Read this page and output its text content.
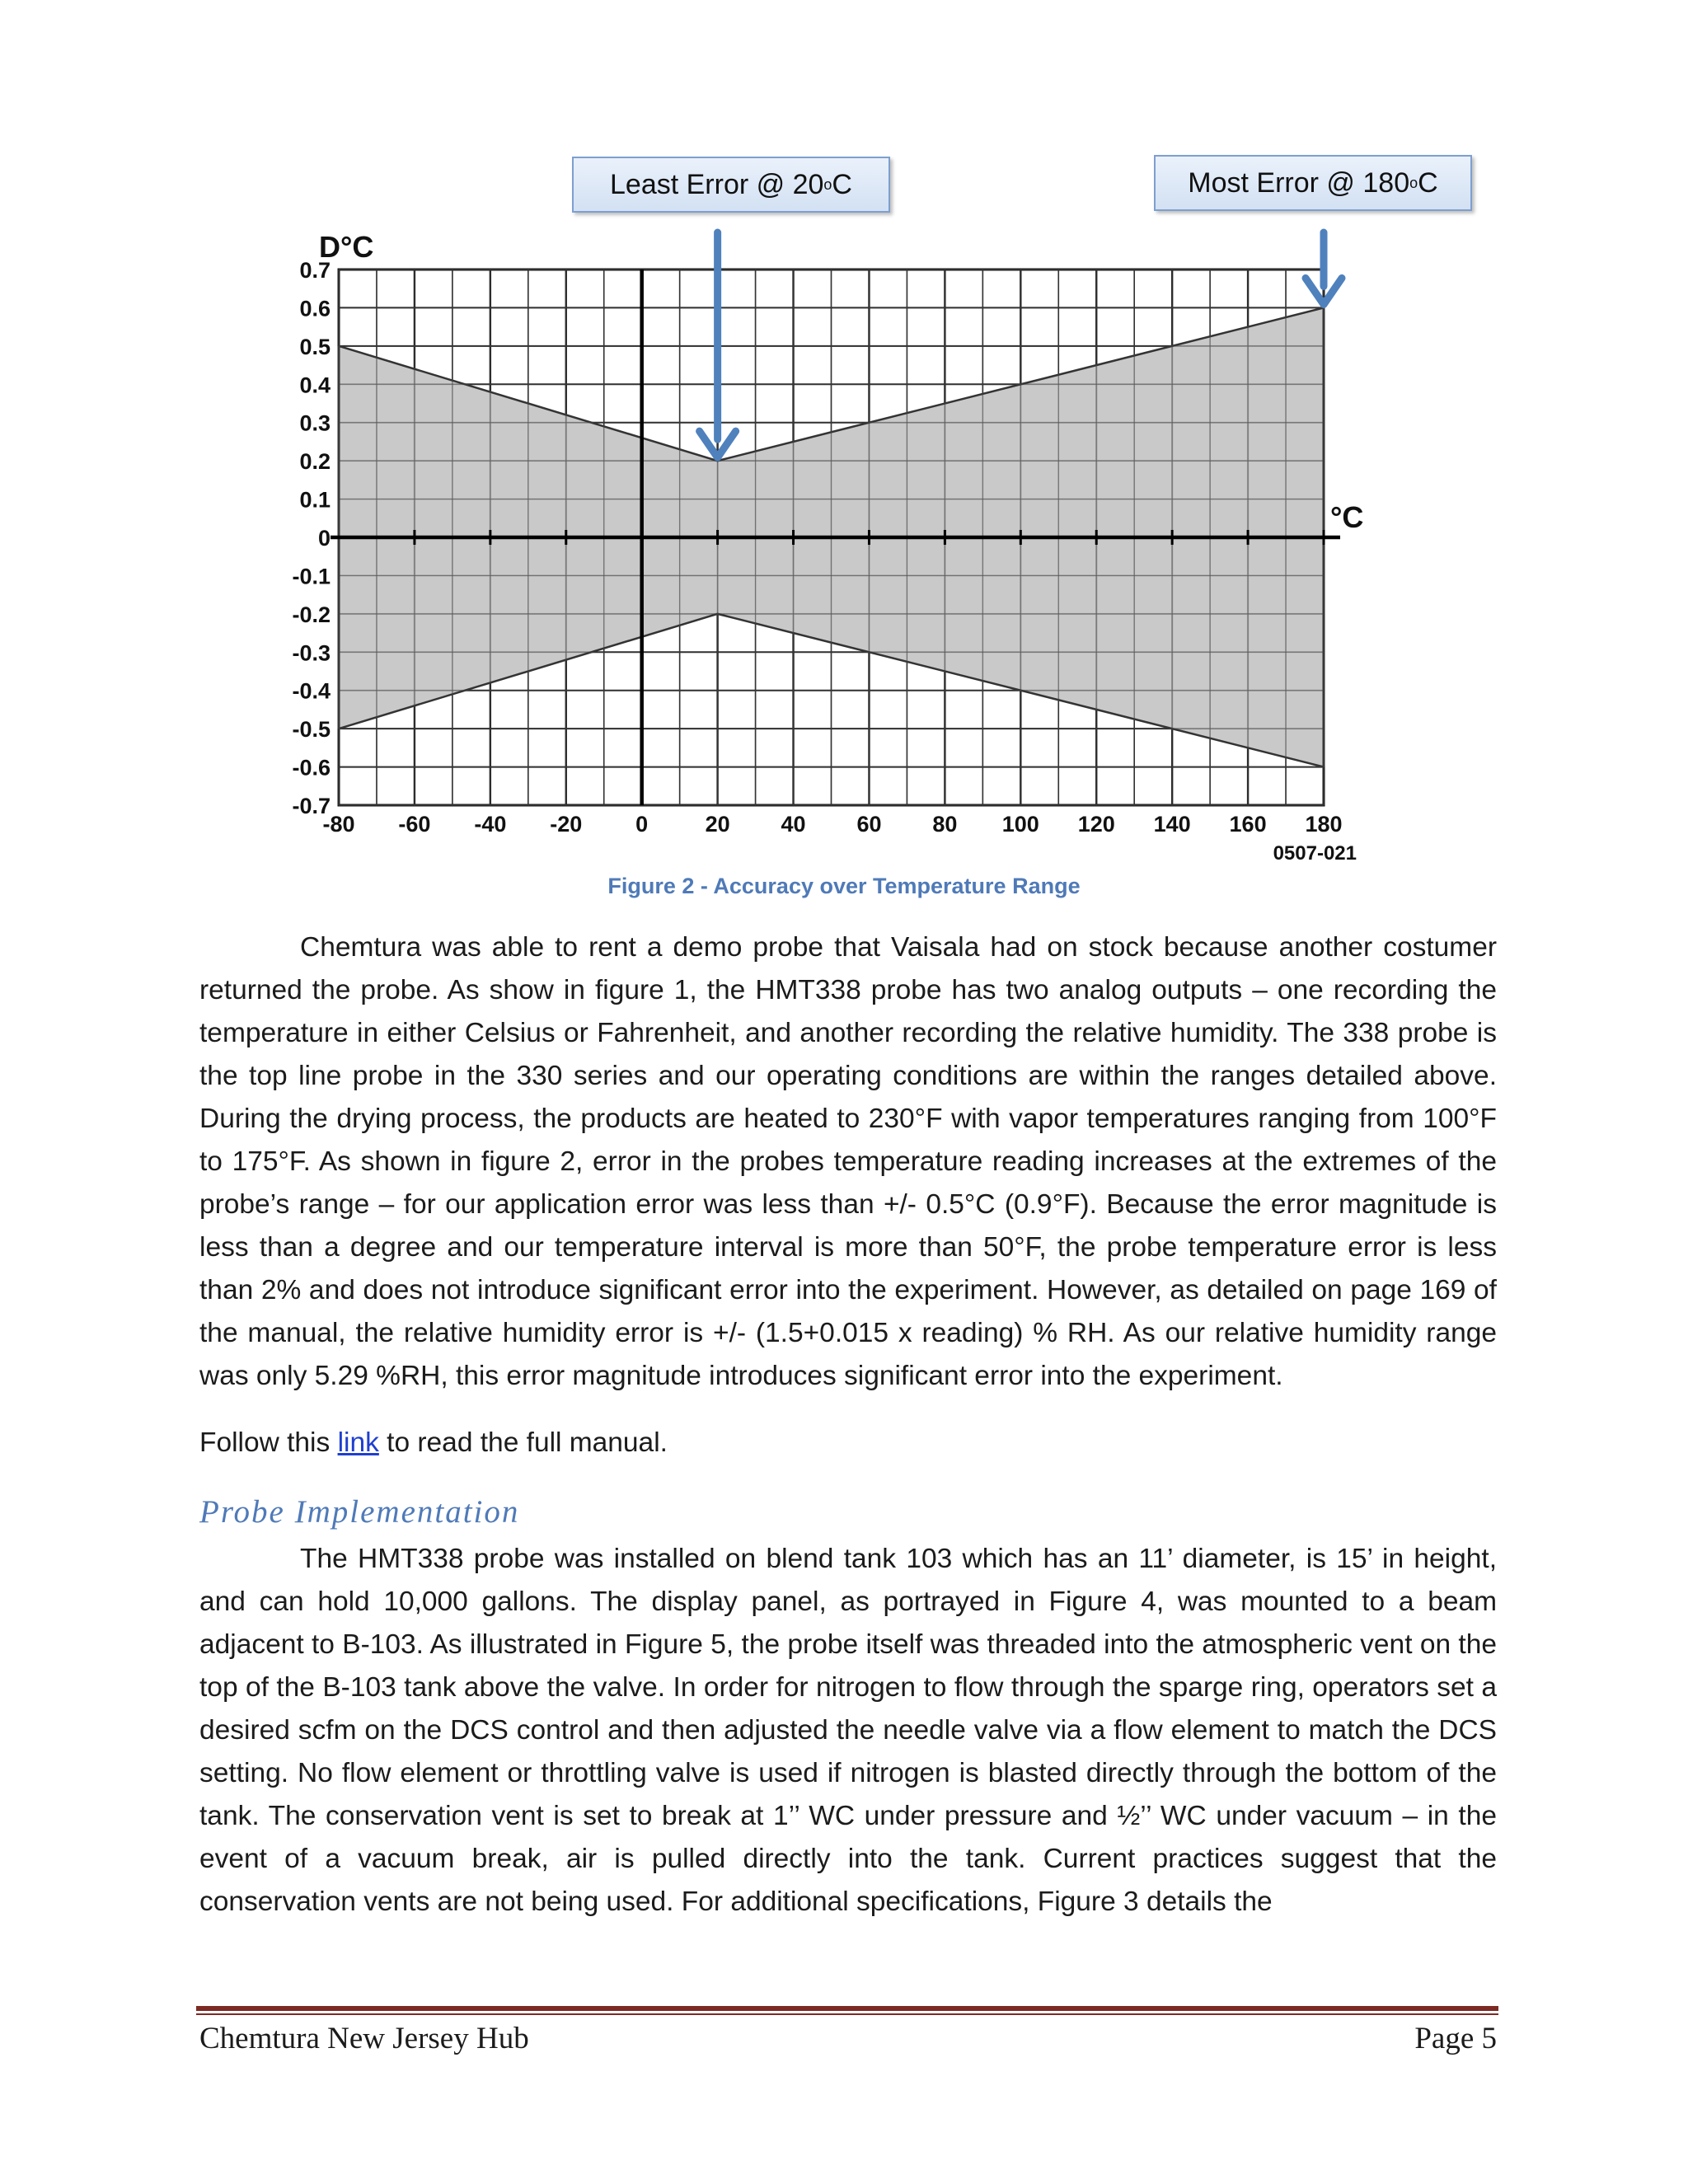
Least Error @ 20 o C	Most Error @ 180 o C
0.7
0.6
0.5
0.4
0.3
0.2
0.1
0
-0.1
-0.2
-0.3
-0.4
-0.5
-0.6
-0.7
-80 -60 -40 -20 0	20 40 60 80 100 120 140 160 180
D°C
°C
0507-021
Figure 2 - Accuracy over Temperature Range
Chemtura was able to rent a demo probe that Vaisala had on stock because another costumer returned the probe. As show in figure 1, the HMT338 probe has two analog outputs – one recording the temperature in either Celsius or Fahrenheit, and another recording the relative humidity. The 338 probe is the top line probe in the 330 series and our operating conditions are within the ranges detailed above. During the drying process, the products are heated to 230°F with vapor temperatures ranging from 100°F to 175°F. As shown in figure 2, error in the probes temperature reading increases at the extremes of the probe’s range – for our application error was less than +/- 0.5°C (0.9°F). Because the error magnitude is less than a degree and our temperature interval is more than 50°F, the probe temperature error is less than 2% and does not introduce significant error into the experiment. However, as detailed on page 169 of the manual, the relative humidity error is +/- (1.5+0.015 x reading) % RH. As our relative humidity range was only 5.29 %RH, this error magnitude introduces significant error into the experiment.
Follow this link to read the full manual.
Probe Implementation
The HMT338 probe was installed on blend tank 103 which has an 11’ diameter, is 15’ in height, and can hold 10,000 gallons. The display panel, as portrayed in Figure 4, was mounted to a beam adjacent to B-103. As illustrated in Figure 5, the probe itself was threaded into the atmospheric vent on the top of the B-103 tank above the valve. In order for nitrogen to flow through the sparge ring, operators set a desired scfm on the DCS control and then adjusted the needle valve via a flow element to match the DCS setting. No flow element or throttling valve is used if nitrogen is blasted directly through the bottom of the tank. The conservation vent is set to break at 1’’ WC under pressure and ½’’ WC under vacuum – in the event of a vacuum break, air is pulled directly into the tank. Current practices suggest that the conservation vents are not being used. For additional specifications, Figure 3 details the
Chemtura New Jersey Hub	Page 5
